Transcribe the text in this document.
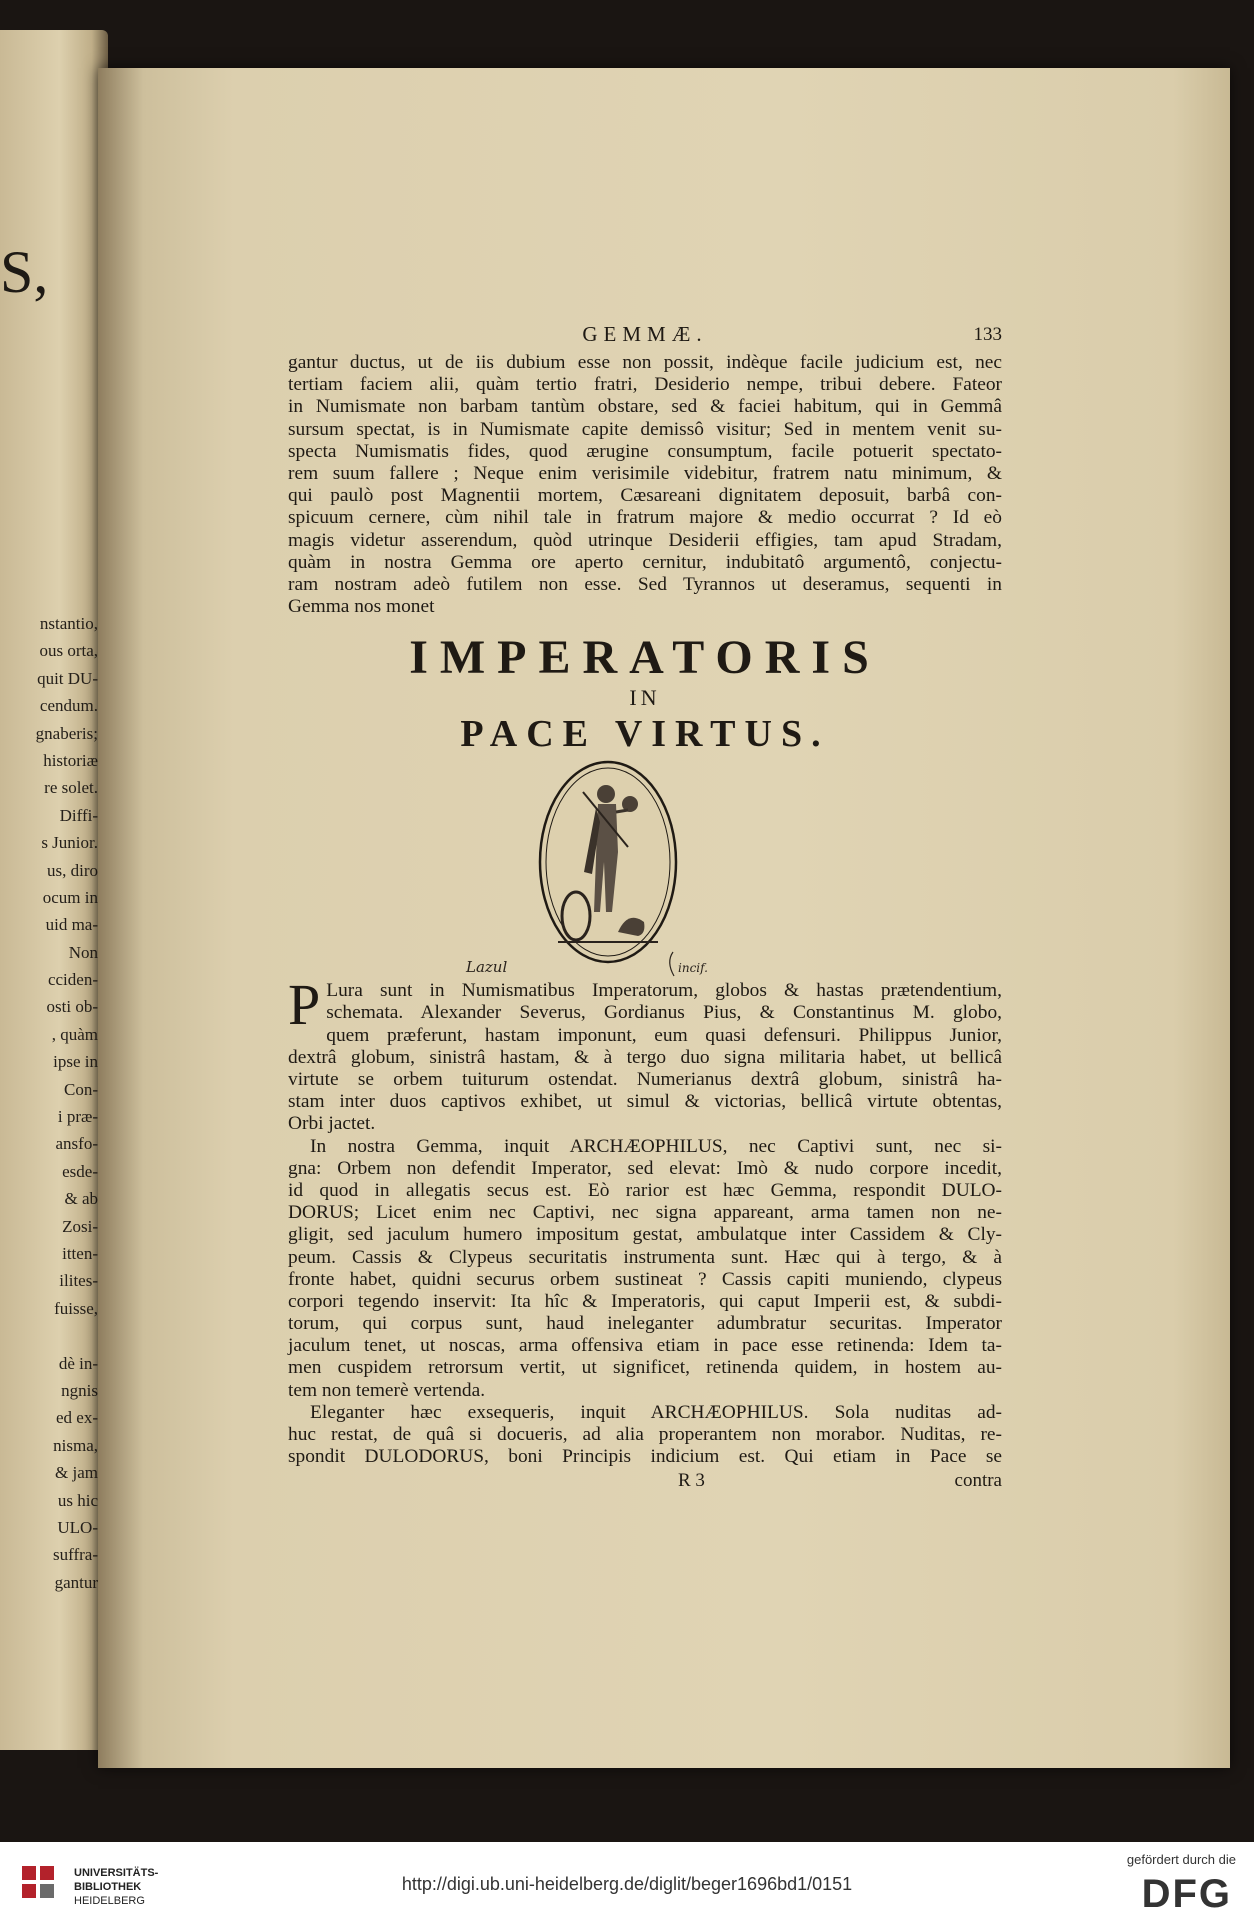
S,
nstantio,
ous orta,
quit DU-
cendum.
gnaberis;
historiæ
re solet.
Diffi-
s Junior.
us, diro
ocum in
uid ma-
Non
cciden-
osti ob-
, quàm
ipse in
Con-
i præ-
ansfo-
esde-
& ab
Zosi-
itten-
ilites-
fuisse,
dè in-
ngnis
ed ex-
nisma,
& jam
us hic
ULO-
suffra-
gantur
GEMMÆ.	133
gantur ductus, ut de iis dubium esse non possit, indèque facile judicium est, nec
tertiam faciem alii, quàm tertio fratri, Desiderio nempe, tribui debere. Fateor
in Numismate non barbam tantùm obstare, sed & faciei habitum, qui in Gemmâ
sursum spectat, is in Numismate capite demissô visitur; Sed in mentem venit su-
specta Numismatis fides, quod ærugine consumptum, facile potuerit spectato-
rem suum fallere ; Neque enim verisimile videbitur, fratrem natu minimum, &
qui paulò post Magnentii mortem, Cæsareani dignitatem deposuit, barbâ con-
spicuum cernere, cùm nihil tale in fratrum majore & medio occurrat ? Id eò
magis videtur asserendum, quòd utrinque Desiderii effigies, tam apud Stradam,
quàm in nostra Gemma ore aperto cernitur, indubitatô argumentô, conjectu-
ram nostram adeò futilem non esse. Sed Tyrannos ut deseramus, sequenti in
Gemma nos monet
IMPERATORIS
IN
PACE VIRTUS.
Lazul	incif.
P Lura sunt in Numismatibus Imperatorum, globos & hastas prætendentium,
schemata. Alexander Severus, Gordianus Pius, & Constantinus M. globo,
quem præferunt, hastam imponunt, eum quasi defensuri. Philippus Junior,
dextrâ globum, sinistrâ hastam, & à tergo duo signa militaria habet, ut bellicâ
virtute se orbem tuiturum ostendat. Numerianus dextrâ globum, sinistrâ ha-
stam inter duos captivos exhibet, ut simul & victorias, bellicâ virtute obtentas,
Orbi jactet.
In nostra Gemma, inquit ARCHÆOPHILUS, nec Captivi sunt, nec si-
gna: Orbem non defendit Imperator, sed elevat: Imò & nudo corpore incedit,
id quod in allegatis secus est. Eò rarior est hæc Gemma, respondit DULO-
DORUS; Licet enim nec Captivi, nec signa appareant, arma tamen non ne-
gligit, sed jaculum humero impositum gestat, ambulatque inter Cassidem & Cly-
peum. Cassis & Clypeus securitatis instrumenta sunt. Hæc qui à tergo, & à
fronte habet, quidni securus orbem sustineat ? Cassis capiti muniendo, clypeus
corpori tegendo inservit: Ita hîc & Imperatoris, qui caput Imperii est, & subdi-
torum, qui corpus sunt, haud ineleganter adumbratur securitas. Imperator
jaculum tenet, ut noscas, arma offensiva etiam in pace esse retinenda: Idem ta-
men cuspidem retrorsum vertit, ut significet, retinenda quidem, in hostem au-
tem non temerè vertenda.
Eleganter hæc exsequeris, inquit ARCHÆOPHILUS. Sola nuditas ad-
huc restat, de quâ si docueris, ad alia properantem non morabor. Nuditas, re-
spondit DULODORUS, boni Principis indicium est. Qui etiam in Pace se
R 3	contra
UNIVERSITÄTS-
BIBLIOTHEK
HEIDELBERG
http://digi.ub.uni-heidelberg.de/diglit/beger1696bd1/0151
gefördert durch die
DFG
